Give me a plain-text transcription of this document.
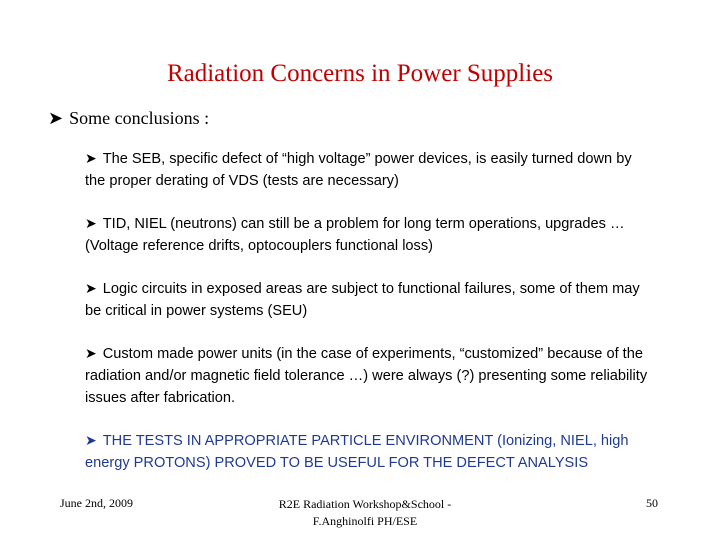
Radiation Concerns in Power Supplies
➤ Some conclusions :
➤ The SEB, specific defect of “high voltage” power devices, is easily turned down by the proper derating of VDS (tests are necessary)
➤ TID, NIEL (neutrons) can still be a problem for long term operations, upgrades … (Voltage reference drifts, optocouplers functional loss)
➤ Logic circuits in exposed areas are subject to functional failures, some of them may be critical in power systems (SEU)
➤ Custom made power units (in the case of experiments, “customized” because of the radiation and/or magnetic field tolerance …) were always (?) presenting some reliability issues after fabrication.
➤ THE TESTS IN APPROPRIATE PARTICLE ENVIRONMENT (Ionizing, NIEL, high energy PROTONS) PROVED TO BE USEFUL FOR THE DEFECT ANALYSIS
June 2nd, 2009	R2E Radiation Workshop&School -
F.Anghinolfi PH/ESE
50
